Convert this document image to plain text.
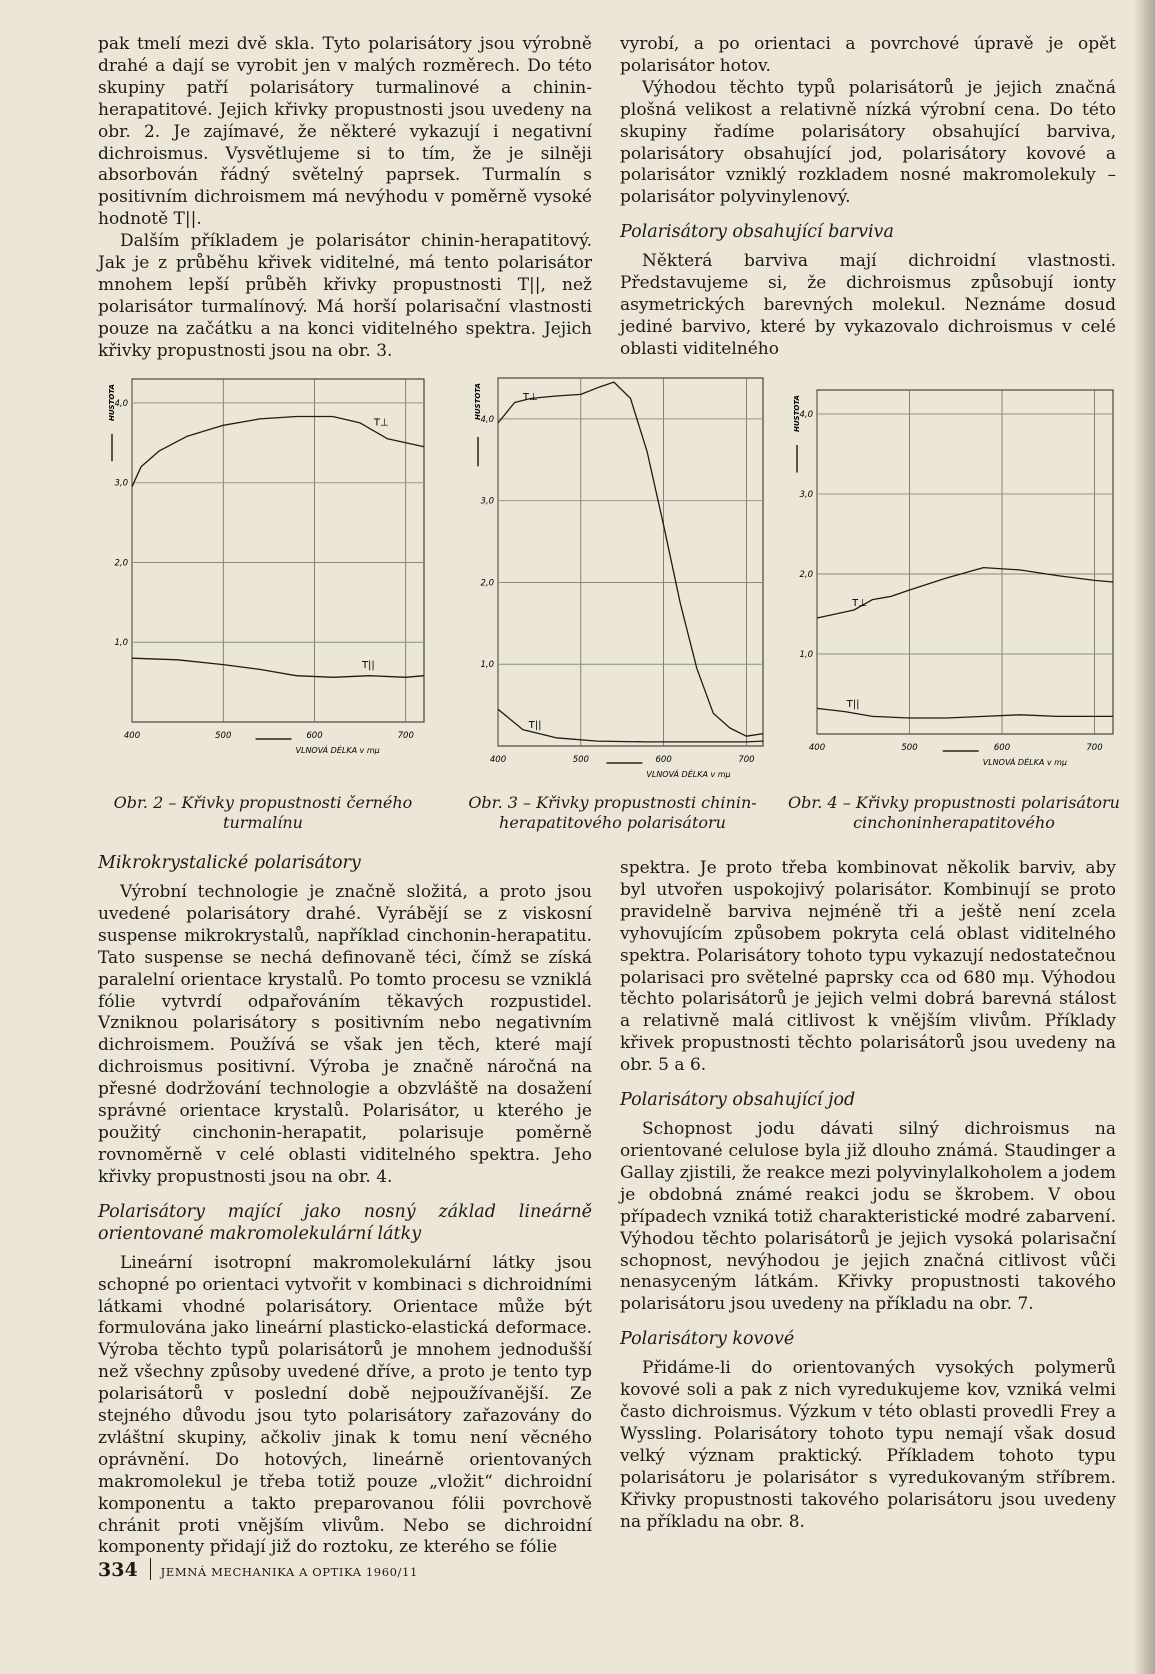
pak tmelí mezi dvě skla. Tyto polarisátory jsou výrobně drahé a dají se vyrobit jen v malých rozměrech. Do této skupiny patří polarisátory turmalinové a chinin-herapatitové. Jejich křivky propustnosti jsou uvedeny na obr. 2. Je zajímavé, že některé vykazují i negativní dichroismus. Vysvětlujeme si to tím, že je silněji absorbován řádný světelný paprsek. Turmalín s positivním dichroismem má nevýhodu v poměrně vysoké hodnotě T||.

Dalším příkladem je polarisátor chinin-herapatitový. Jak je z průběhu křivek viditelné, má tento polarisátor mnohem lepší průběh křivky propustnosti T||, než polarisátor turmalínový. Má horší polarisační vlastnosti pouze na začátku a na konci viditelného spektra. Jejich křivky propustnosti jsou na obr. 3.

vyrobí, a po orientaci a povrchové úpravě je opět polarisátor hotov.

Výhodou těchto typů polarisátorů je jejich značná plošná velikost a relativně nízká výrobní cena. Do této skupiny řadíme polarisátory obsahující barviva, polarisátory obsahující jod, polarisátory kovové a polarisátor vzniklý rozkladem nosné makromolekuly – polarisátor polyvinylenový.

Polarisátory obsahující barviva

Některá barviva mají dichroidní vlastnosti. Představujeme si, že dichroismus způsobují ionty asymetrických barevných molekul. Neznáme dosud jediné barvivo, které by vykazovalo dichroismus v celé oblasti viditelného

1,0
2,0
3,0
4,0
400	500	600	700
VLNOVÁ DÉLKA v mμ
HUSTOTA
T⊥
T||	1,0
2,0
3,0
4,0
400	500	600	700
VLNOVÁ DÉLKA v mμ
HUSTOTA	T⊥
T||
1,0
2,0
3,0
4,0
400	500	600	700
VLNOVÁ DÉLKA v mμ
HUSTOTA
T⊥
T||
Obr. 2 – Křivky propustnosti černého turmalínu
Obr. 3 – Křivky propustnosti chinin-herapatitového polarisátoru
Obr. 4 – Křivky propustnosti polarisátoru cinchoninherapatitového
Mikrokrystalické polarisátory

Výrobní technologie je značně složitá, a proto jsou uvedené polarisátory drahé. Vyrábějí se z viskosní suspense mikrokrystalů, například cinchonin-herapatitu. Tato suspense se nechá definovaně téci, čímž se získá paralelní orientace krystalů. Po tomto procesu se vzniklá fólie vytvrdí odpařováním těkavých rozpustidel. Vzniknou polarisátory s positivním nebo negativním dichroismem. Používá se však jen těch, které mají dichroismus positivní. Výroba je značně náročná na přesné dodržování technologie a obzvláště na dosažení správné orientace krystalů. Polarisátor, u kterého je použitý cinchonin-herapatit, polarisuje poměrně rovnoměrně v celé oblasti viditelného spektra. Jeho křivky propustnosti jsou na obr. 4.

Polarisátory mající jako nosný základ lineárně orientované makromolekulární látky

Lineární isotropní makromolekulární látky jsou schopné po orientaci vytvořit v kombinaci s dichroidními látkami vhodné polarisátory. Orientace může být formulována jako lineární plasticko-elastická deformace. Výroba těchto typů polarisátorů je mnohem jednodušší než všechny způsoby uvedené dříve, a proto je tento typ polarisátorů v poslední době nejpoužívanější. Ze stejného důvodu jsou tyto polarisátory zařazovány do zvláštní skupiny, ačkoliv jinak k tomu není věcného oprávnění. Do hotových, lineárně orientovaných makromolekul je třeba totiž pouze „vložit“ dichroidní komponentu a takto preparovanou fólii povrchově chránit proti vnějším vlivům. Nebo se dichroidní komponenty přidají již do roztoku, ze kterého se fólie

spektra. Je proto třeba kombinovat několik barviv, aby byl utvořen uspokojivý polarisátor. Kombinují se proto pravidelně barviva nejméně tři a ještě není zcela vyhovujícím způsobem pokryta celá oblast viditelného spektra. Polarisátory tohoto typu vykazují nedostatečnou polarisaci pro světelné paprsky cca od 680 mμ. Výhodou těchto polarisátorů je jejich velmi dobrá barevná stálost a relativně malá citlivost k vnějším vlivům. Příklady křivek propustnosti těchto polarisátorů jsou uvedeny na obr. 5 a 6.

Polarisátory obsahující jod

Schopnost jodu dávati silný dichroismus na orientované celulose byla již dlouho známá. Staudinger a Gallay zjistili, že reakce mezi polyvinylalkoholem a jodem je obdobná známé reakci jodu se škrobem. V obou případech vzniká totiž charakteristické modré zabarvení. Výhodou těchto polarisátorů je jejich vysoká polarisační schopnost, nevýhodou je jejich značná citlivost vůči nenasyceným látkám. Křivky propustnosti takového polarisátoru jsou uvedeny na příkladu na obr. 7.

Polarisátory kovové

Přidáme-li do orientovaných vysokých polymerů kovové soli a pak z nich vyredukujeme kov, vzniká velmi často dichroismus. Výzkum v této oblasti provedli Frey a Wyssling. Polarisátory tohoto typu nemají však dosud velký význam praktický. Příkladem tohoto typu polarisátoru je polarisátor s vyredukovaným stříbrem. Křivky propustnosti takového polarisátoru jsou uvedeny na příkladu na obr. 8.

334 JEMNÁ MECHANIKA A OPTIKA 1960/11
